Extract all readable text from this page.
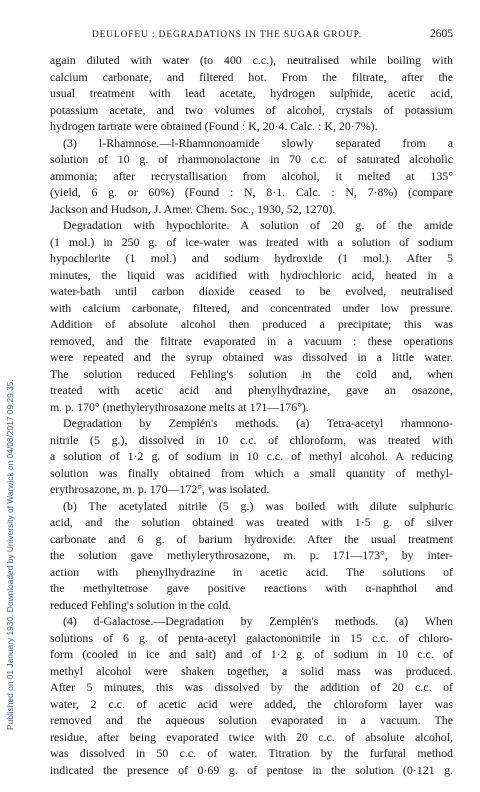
Published on 01 January 1930. Downloaded by University of Warwick on 04/08/2017 09:29:35.
DEULOFEU : DEGRADATIONS IN THE SUGAR GROUP.	2605
again diluted with water (to 400 c.c.), neutralised while boiling with
calcium carbonate, and filtered hot. From the filtrate, after the
usual treatment with lead acetate, hydrogen sulphide, acetic acid,
potassium acetate, and two volumes of alcohol, crystals of potassium
hydrogen tartrate were obtained (Found : K, 20·4. Calc. : K, 20·7%).
(3) l-Rhamnose.—l-Rhamnonoamide slowly separated from a
solution of 10 g. of rhamnonolactone in 70 c.c. of saturated alcoholic
ammonia; after recrystallisation from alcohol, it melted at 135°
(yield, 6 g. or 60%) (Found : N, 8·1. Calc. : N, 7·8%) (compare
Jackson and Hudson, J. Amer. Chem. Soc., 1930, 52, 1270).
Degradation with hypochlorite. A solution of 20 g. of the amide
(1 mol.) in 250 g. of ice-water was treated with a solution of sodium
hypochlorite (1 mol.) and sodium hydroxide (1 mol.). After 5
minutes, the liquid was acidified with hydrochloric acid, heated in a
water-bath until carbon dioxide ceased to be evolved, neutralised
with calcium carbonate, filtered, and concentrated under low pressure.
Addition of absolute alcohol then produced a precipitate; this was
removed, and the filtrate evaporated in a vacuum : these operations
were repeated and the syrup obtained was dissolved in a little water.
The solution reduced Fehling's solution in the cold and, when
treated with acetic acid and phenylhydrazine, gave an osazone,
m. p. 170° (methylerythrosazone melts at 171—176°).
Degradation by Zemplén's methods. (a) Tetra-acetyl rhamnono-
nitrile (5 g.), dissolved in 10 c.c. of chloroform, was treated with
a solution of 1·2 g. of sodium in 10 c.c. of methyl alcohol. A reducing
solution was finally obtained from which a small quantity of methyl-
erythrosazone, m. p. 170—172°, was isolated.
(b) The acetylated nitrile (5 g.) was boiled with dilute sulphuric
acid, and the solution obtained was treated with 1·5 g. of silver
carbonate and 6 g. of barium hydroxide. After the usual treatment
the solution gave methylerythrosazone, m. p. 171—173°, by inter-
action with phenylhydrazine in acetic acid. The solutions of
the methyltetrose gave positive reactions with α-naphthol and
reduced Fehling's solution in the cold.
(4) d-Galactose.—Degradation by Zemplén's methods. (a) When
solutions of 6 g. of penta-acetyl galactononitrile in 15 c.c. of chloro-
form (cooled in ice and salt) and of 1·2 g. of sodium in 10 c.c. of
methyl alcohol were shaken together, a solid mass was produced.
After 5 minutes, this was dissolved by the addition of 20 c.c. of
water, 2 c.c. of acetic acid were added, the chloroform layer was
removed and the aqueous solution evaporated in a vacuum. The
residue, after being evaporated twice with 20 c.c. of absolute alcohol,
was dissolved in 50 c.c. of water. Titration by the furfural method
indicated the presence of 0·69 g. of pentose in the solution (0·121 g.
